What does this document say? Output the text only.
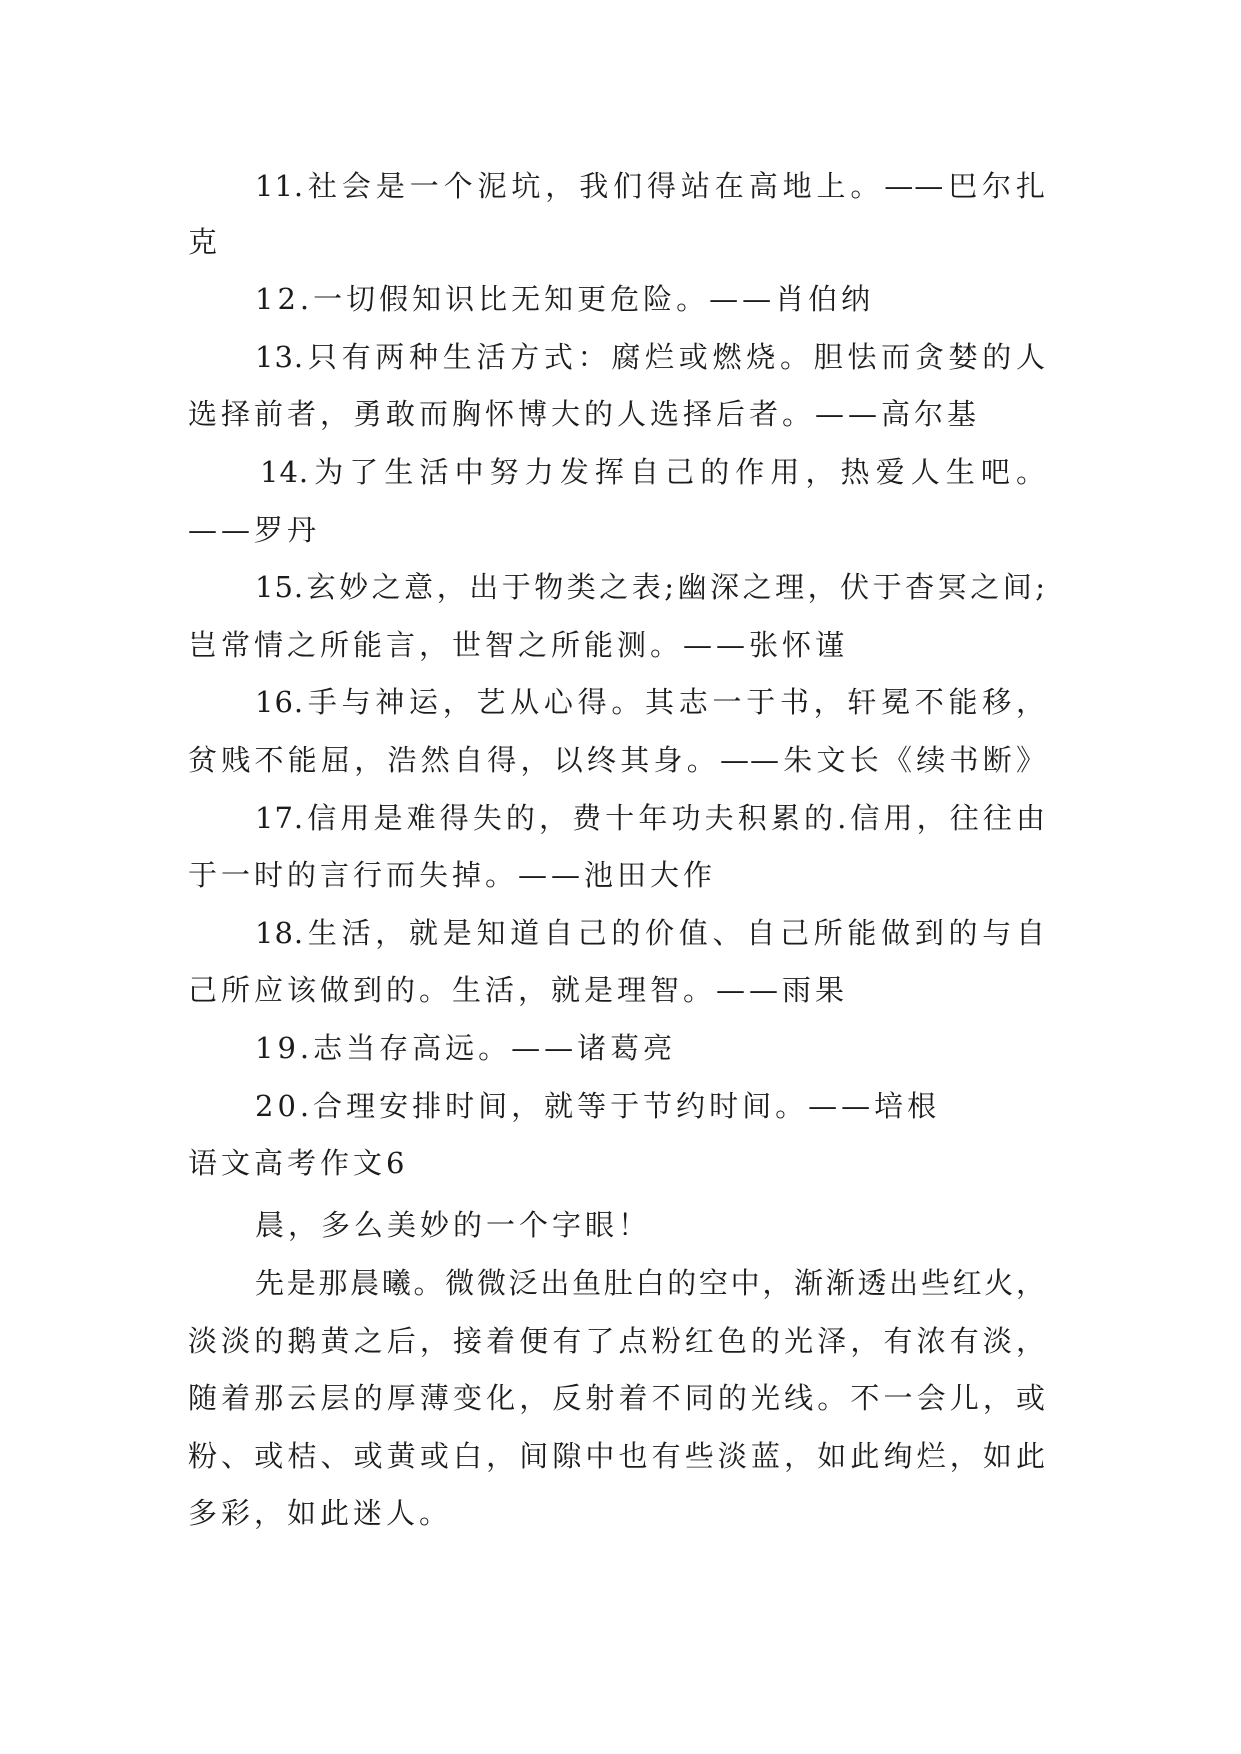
11.社会是一个泥坑，我们得站在高地上。——巴尔扎
克
12.一切假知识比无知更危险。——肖伯纳
13.只有两种生活方式：腐烂或燃烧。胆怯而贪婪的人
选择前者，勇敢而胸怀博大的人选择后者。——高尔基
14.为了生活中努力发挥自己的作用，热爱人生吧。
——罗丹
15.玄妙之意，出于物类之表;幽深之理，伏于杳冥之间;
岂常情之所能言，世智之所能测。——张怀谨
16.手与神运，艺从心得。其志一于书，轩冕不能移，
贫贱不能屈，浩然自得，以终其身。——朱文长《续书断》
17.信用是难得失的，费十年功夫积累的.信用，往往由
于一时的言行而失掉。——池田大作
18.生活，就是知道自己的价值、自己所能做到的与自
己所应该做到的。生活，就是理智。——雨果
19.志当存高远。——诸葛亮
20.合理安排时间，就等于节约时间。——培根
语文高考作文6
晨，多么美妙的一个字眼！
先是那晨曦。微微泛出鱼肚白的空中，渐渐透出些红火，
淡淡的鹅黄之后，接着便有了点粉红色的光泽，有浓有淡，
随着那云层的厚薄变化，反射着不同的光线。不一会儿，或
粉、或桔、或黄或白，间隙中也有些淡蓝，如此绚烂，如此
多彩，如此迷人。
